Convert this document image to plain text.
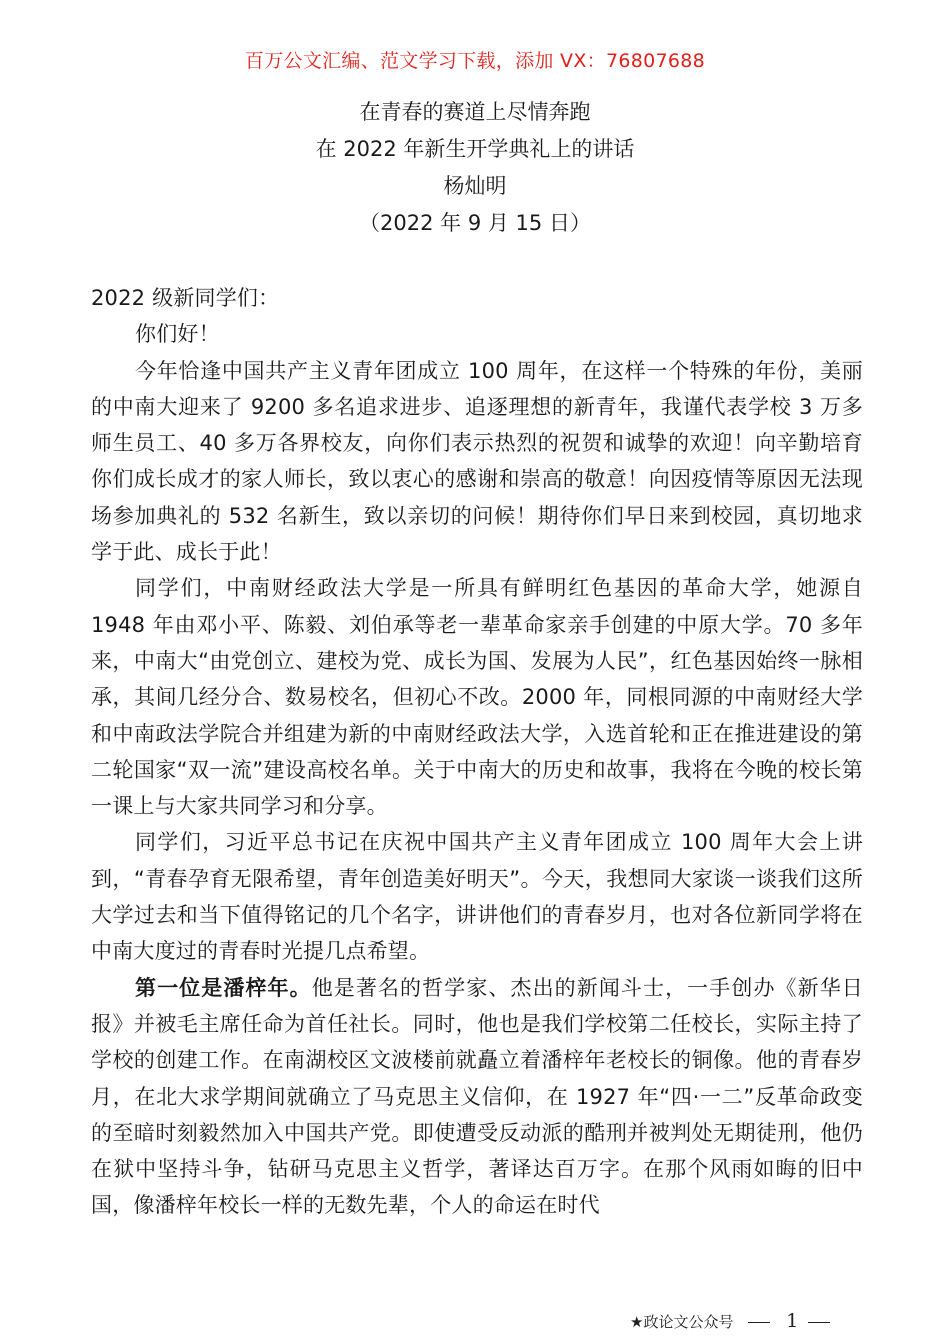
百万公文汇编、范文学习下载，添加 VX：76807688
在青春的赛道上尽情奔跑
在 2022 年新生开学典礼上的讲话
杨灿明
（2022 年 9 月 15 日）

2022 级新同学们：

你们好！

今年恰逢中国共产主义青年团成立 100 周年，在这样一个特殊的年份，美丽的中南大迎来了 9200 多名追求进步、追逐理想的新青年，我谨代表学校 3 万多师生员工、40 多万各界校友，向你们表示热烈的祝贺和诚挚的欢迎！向辛勤培育你们成长成才的家人师长，致以衷心的感谢和崇高的敬意！向因疫情等原因无法现场参加典礼的 532 名新生，致以亲切的问候！期待你们早日来到校园，真切地求学于此、成长于此！

同学们，中南财经政法大学是一所具有鲜明红色基因的革命大学，她源自 1948 年由邓小平、陈毅、刘伯承等老一辈革命家亲手创建的中原大学。70 多年来，中南大“由党创立、建校为党、成长为国、发展为人民”，红色基因始终一脉相承，其间几经分合、数易校名，但初心不改。2000 年，同根同源的中南财经大学和中南政法学院合并组建为新的中南财经政法大学，入选首轮和正在推进建设的第二轮国家“双一流”建设高校名单。关于中南大的历史和故事，我将在今晚的校长第一课上与大家共同学习和分享。

同学们，习近平总书记在庆祝中国共产主义青年团成立 100 周年大会上讲到，“青春孕育无限希望，青年创造美好明天”。今天，我想同大家谈一谈我们这所大学过去和当下值得铭记的几个名字，讲讲他们的青春岁月，也对各位新同学将在中南大度过的青春时光提几点希望。

第一位是潘梓年。他是著名的哲学家、杰出的新闻斗士，一手创办《新华日报》并被毛主席任命为首任社长。同时，他也是我们学校第二任校长，实际主持了学校的创建工作。在南湖校区文波楼前就矗立着潘梓年老校长的铜像。他的青春岁月，在北大求学期间就确立了马克思主义信仰，在 1927 年“四·一二”反革命政变的至暗时刻毅然加入中国共产党。即使遭受反动派的酷刑并被判处无期徒刑，他仍在狱中坚持斗争，钻研马克思主义哲学，著译达百万字。在那个风雨如晦的旧中国，像潘梓年校长一样的无数先辈，个人的命运在时代

★政论文公众号	1
